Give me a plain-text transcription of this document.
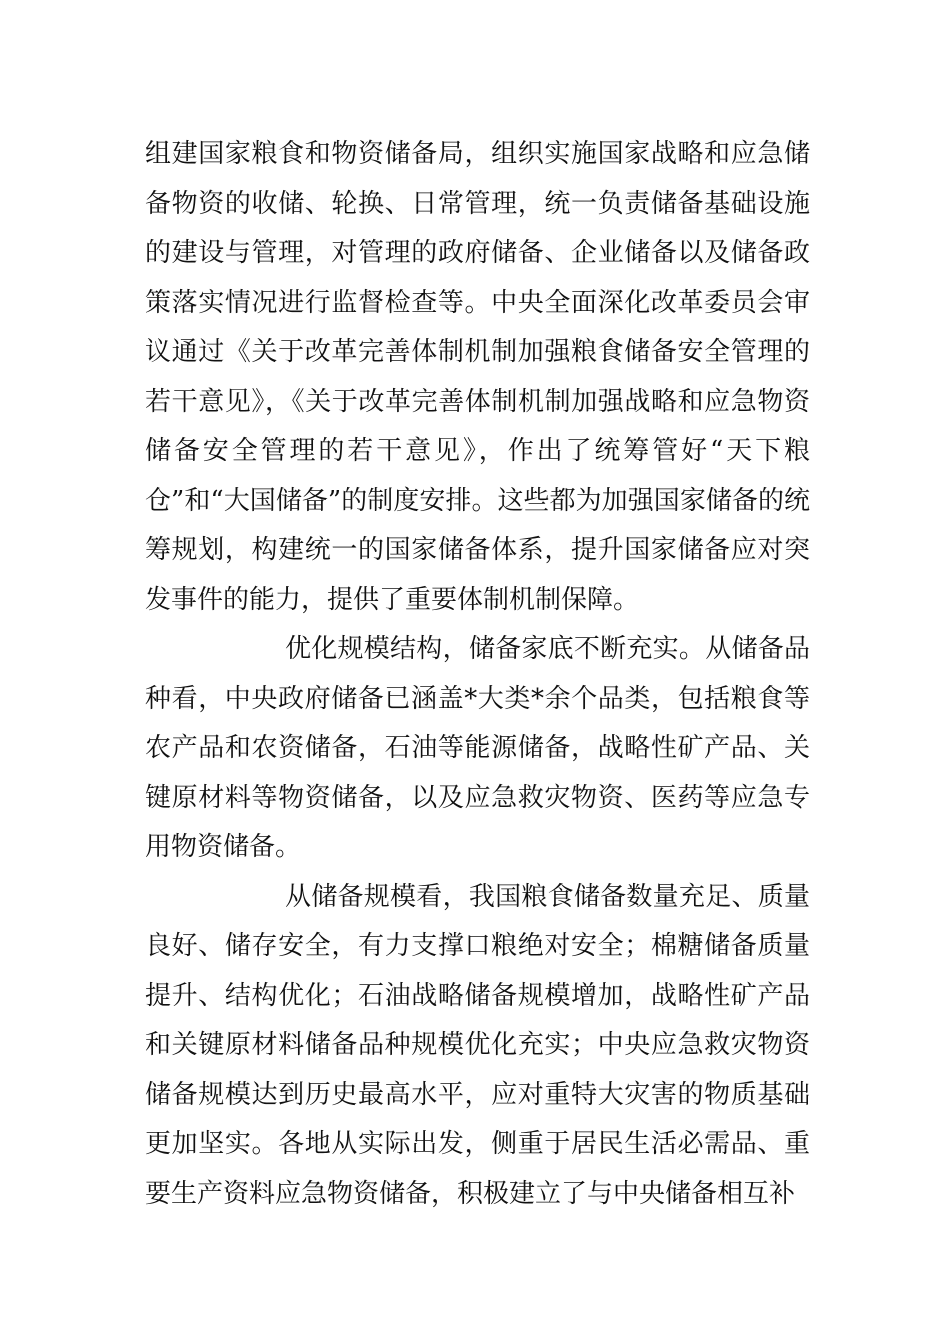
组建国家粮食和物资储备局，组织实施国家战略和应急储备物资的收储、轮换、日常管理，统一负责储备基础设施的建设与管理，对管理的政府储备、企业储备以及储备政策落实情况进行监督检查等。中央全面深化改革委员会审议通过《关于改革完善体制机制加强粮食储备安全管理的若干意见》，《关于改革完善体制机制加强战略和应急物资储备安全管理的若干意见》，作出了统筹管好“天下粮仓”和“大国储备”的制度安排。这些都为加强国家储备的统筹规划，构建统一的国家储备体系，提升国家储备应对突发事件的能力，提供了重要体制机制保障。

优化规模结构，储备家底不断充实。从储备品种看，中央政府储备已涵盖*大类*余个品类，包括粮食等农产品和农资储备，石油等能源储备，战略性矿产品、关键原材料等物资储备，以及应急救灾物资、医药等应急专用物资储备。

从储备规模看，我国粮食储备数量充足、质量良好、储存安全，有力支撑口粮绝对安全；棉糖储备质量提升、结构优化；石油战略储备规模增加，战略性矿产品和关键原材料储备品种规模优化充实；中央应急救灾物资储备规模达到历史最高水平，应对重特大灾害的物质基础更加坚实。各地从实际出发，侧重于居民生活必需品、重要生产资料应急物资储备，积极建立了与中央储备相互补
